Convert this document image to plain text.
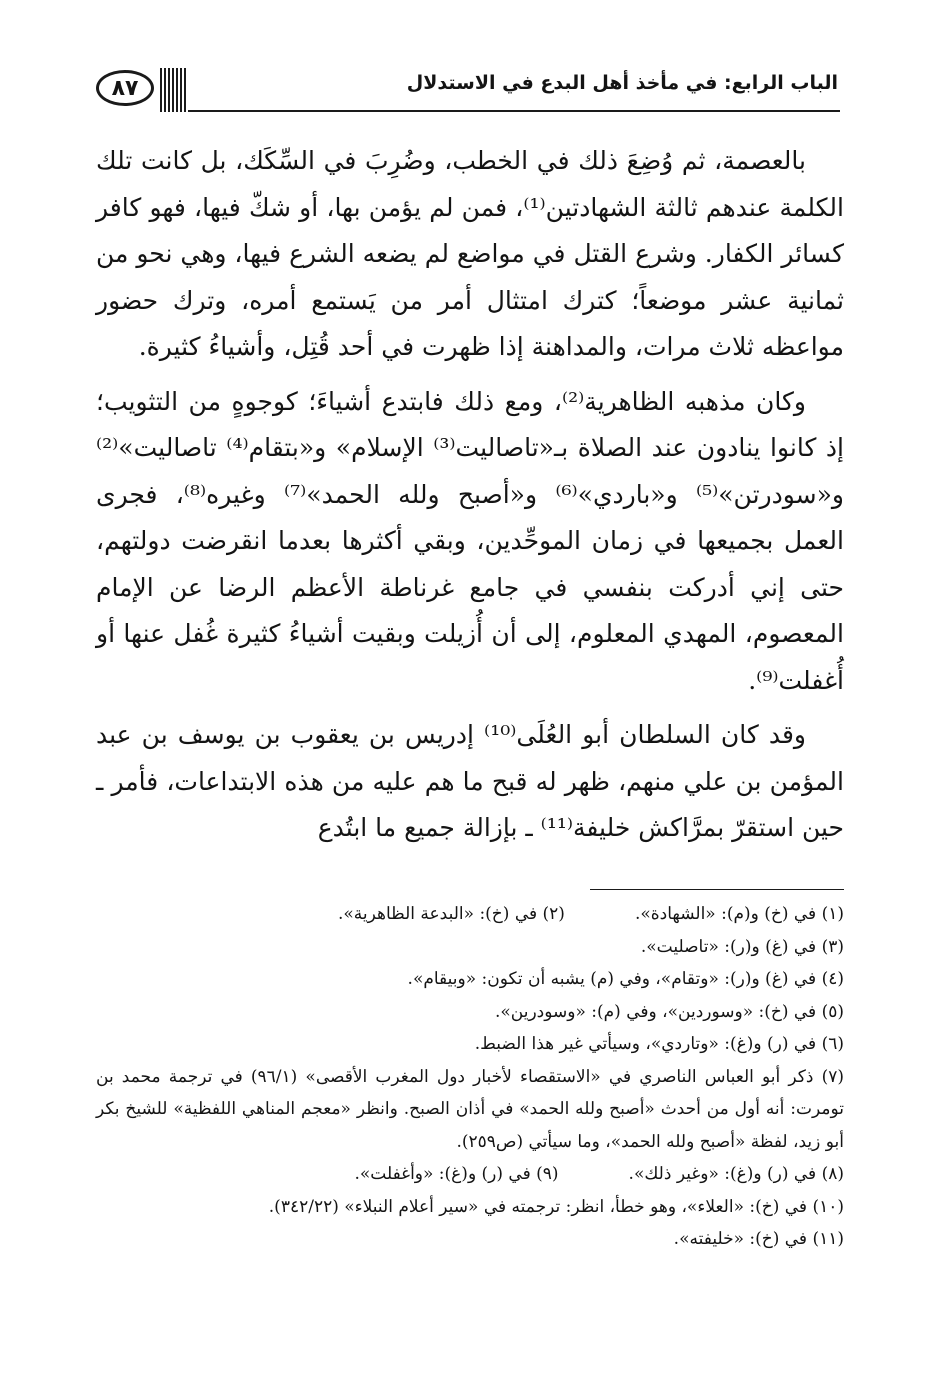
٨٧	الباب الرابع: في مأخذ أهل البدع في الاستدلال

بالعصمة، ثم وُضِعَ ذلك في الخطب، وضُرِبَ في السِّكَك، بل كانت تلك الكلمة عندهم ثالثة الشهادتين⁽¹⁾، فمن لم يؤمن بها، أو شكّ فيها، فهو كافر كسائر الكفار. وشرع القتل في مواضع لم يضعه الشرع فيها، وهي نحو من ثمانية عشر موضعاً؛ كترك امتثال أمر من يَستمع أمره، وترك حضور مواعظه ثلاث مرات، والمداهنة إذا ظهرت في أحد قُتِل، وأشياءُ كثيرة.

وكان مذهبه الظاهرية⁽²⁾، ومع ذلك فابتدع أشياءَ؛ كوجوهٍ من التثويب؛ إذ كانوا ينادون عند الصلاة بـ«تاصاليت⁽³⁾ الإسلام» و«بتقام⁽⁴⁾ تاصاليت»⁽²⁾ و«سودرتن»⁽⁵⁾ و«باردي»⁽⁶⁾ و«أصبح ولله الحمد»⁽⁷⁾ وغيره⁽⁸⁾، فجرى العمل بجميعها في زمان الموحِّدين، وبقي أكثرها بعدما انقرضت دولتهم، حتى إني أدركت بنفسي في جامع غرناطة الأعظم الرضا عن الإمام المعصوم، المهدي المعلوم، إلى أن أُزيلت وبقيت أشياءُ كثيرة غُفل عنها أو أُغفلت⁽⁹⁾.

وقد كان السلطان أبو العُلَى⁽¹⁰⁾ إدريس بن يعقوب بن يوسف بن عبد المؤمن بن علي منهم، ظهر له قبح ما هم عليه من هذه الابتداعات، فأمر ـ حين استقرّ بمرَّاكش خليفة⁽¹¹⁾ ـ بإزالة جميع ما ابتُدع

(١) في (خ) و(م): «الشهادة».
(٢) في (خ): «البدعة الظاهرية».
(٣) في (غ) و(ر): «تاصليت».
(٤) في (غ) و(ر): «وتقام»، وفي (م) يشبه أن تكون: «وبيقام».
(٥) في (خ): «وسوردين»، وفي (م): «وسودرين».
(٦) في (ر) و(غ): «وتاردي»، وسيأتي غير هذا الضبط.
(٧) ذكر أبو العباس الناصري في «الاستقصاء لأخبار دول المغرب الأقصى» (٩٦/١) في ترجمة محمد بن تومرت: أنه أول من أحدث «أصبح ولله الحمد» في أذان الصبح. وانظر «معجم المناهي اللفظية» للشيخ بكر أبو زيد، لفظة «أصبح ولله الحمد»، وما سيأتي (ص٢٥٩).
(٨) في (ر) و(غ): «وغير ذلك».
(٩) في (ر) و(غ): «وأغفلت».
(١٠) في (خ): «العلاء»، وهو خطأ، انظر: ترجمته في «سير أعلام النبلاء» (٣٤٢/٢٢).
(١١) في (خ): «خليفته».
